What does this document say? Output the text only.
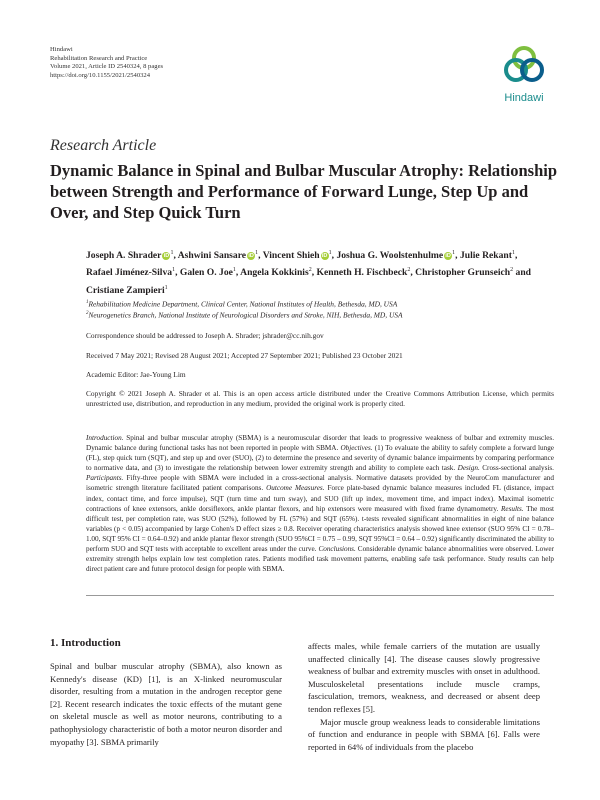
Hindawi
Rehabilitation Research and Practice
Volume 2021, Article ID 2540324, 8 pages
https://doi.org/10.1155/2021/2540324
Hindawi
Research Article
Dynamic Balance in Spinal and Bulbar Muscular Atrophy: Relationship between Strength and Performance of Forward Lunge, Step Up and Over, and Step Quick Turn
Joseph A. Shrader $iD^1$, Ashwini Sansare $iD^1$, Vincent Shieh $iD^1$, Joshua G. Woolstenhulme $iD^1$, Julie Rekant$^1$, Rafael Jiménez-Silva$^1$, Galen O. Joe$^1$, Angela Kokkinis$^2$, Kenneth H. Fischbeck$^2$, Christopher Grunseich$^2$ and Cristiane Zampieri$^1$
$^1$Rehabilitation Medicine Department, Clinical Center, National Institutes of Health, Bethesda, MD, USA
$^2$Neurogenetics Branch, National Institute of Neurological Disorders and Stroke, NIH, Bethesda, MD, USA
Correspondence should be addressed to Joseph A. Shrader; jshrader@cc.nih.gov
Received 7 May 2021; Revised 28 August 2021; Accepted 27 September 2021; Published 23 October 2021
Academic Editor: Jae-Young Lim
Copyright © 2021 Joseph A. Shrader et al. This is an open access article distributed under the Creative Commons Attribution License, which permits unrestricted use, distribution, and reproduction in any medium, provided the original work is properly cited.
Introduction. Spinal and bulbar muscular atrophy (SBMA) is a neuromuscular disorder that leads to progressive weakness of bulbar and extremity muscles. Dynamic balance during functional tasks has not been reported in people with SBMA. Objectives. (1) To evaluate the ability to safely complete a forward lunge (FL), step quick turn (SQT), and step up and over (SUO), (2) to determine the presence and severity of dynamic balance impairments by comparing performance to normative data, and (3) to investigate the relationship between lower extremity strength and ability to complete each task. Design. Cross-sectional analysis. Participants. Fifty-three people with SBMA were included in a cross-sectional analysis. Normative datasets provided by the NeuroCom manufacturer and isometric strength literature facilitated patient comparisons. Outcome Measures. Force plate-based dynamic balance measures included FL (distance, impact index, contact time, and force impulse), SQT (turn time and turn sway), and SUO (lift up index, movement time, and impact index). Maximal isometric contractions of knee extensors, ankle dorsiflexors, ankle plantar flexors, and hip extensors were measured with fixed frame dynamometry. Results. The most difficult test, per completion rate, was SUO (52%), followed by FL (57%) and SQT (65%). t-tests revealed significant abnormalities in eight of nine balance variables (p < 0.05) accompanied by large Cohen's D effect sizes ≥ 0.8. Receiver operating characteristics analysis showed knee extensor (SUO 95% CI = 0.78–1.00, SQT 95% CI = 0.64–0.92) and ankle plantar flexor strength (SUO 95%CI = 0.75 – 0.99, SQT 95%CI = 0.64 – 0.92) significantly discriminated the ability to perform SUO and SQT tests with acceptable to excellent areas under the curve. Conclusions. Considerable dynamic balance abnormalities were observed. Lower extremity strength helps explain low test completion rates. Patients modified task movement patterns, enabling safe task performance. Study results can help direct patient care and future protocol design for people with SBMA.
1. Introduction

Spinal and bulbar muscular atrophy (SBMA), also known as Kennedy's disease (KD) [1], is an X-linked neuromuscular disorder, resulting from a mutation in the androgen receptor gene [2]. Recent research indicates the toxic effects of the mutant gene on skeletal muscle as well as motor neurons, contributing to a pathophysiology characteristic of both a motor neuron disorder and myopathy [3]. SBMA primarily

affects males, while female carriers of the mutation are usually unaffected clinically [4]. The disease causes slowly progressive weakness of bulbar and extremity muscles with onset in adulthood. Musculoskeletal presentations include muscle cramps, fasciculation, tremors, weakness, and decreased or absent deep tendon reflexes [5].

Major muscle group weakness leads to considerable limitations of function and endurance in people with SBMA [6]. Falls were reported in 64% of individuals from the placebo
